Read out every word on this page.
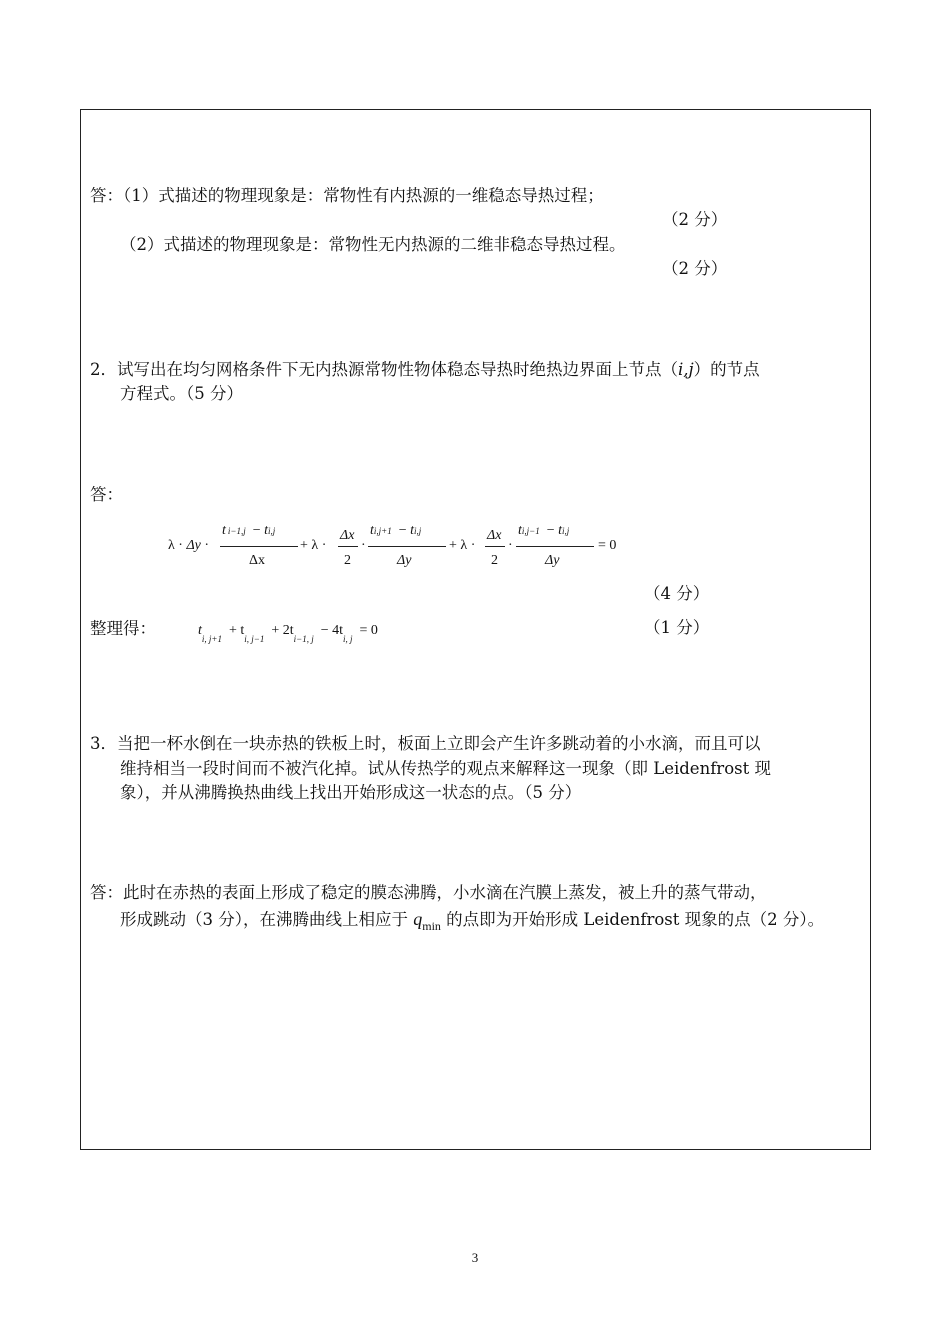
答：（1）式描述的物理现象是：常物性有内热源的一维稳态导热过程；
（2 分）
（2）式描述的物理现象是：常物性无内热源的二维非稳态导热过程。
（2 分）
2．试写出在均匀网格条件下无内热源常物性物体稳态导热时绝热边界面上节点（i,j）的节点
方程式。（5 分）
答：
λ · Δy ·
ti−1,j − ti,j
Δx
+ λ ·
Δx
2
·
ti,j+1 − ti,j
Δy
+ λ ·
Δx
2
·
ti,j−1 − ti,j
Δy
= 0
（4 分）
整理得：	$t_{i, j+1} + t_{i, j-1} + 2t_{i-1, j} - 4t_{i, j} = 0$	（1 分）
3．当把一杯水倒在一块赤热的铁板上时，板面上立即会产生许多跳动着的小水滴，而且可以
维持相当一段时间而不被汽化掉。试从传热学的观点来解释这一现象（即 Leidenfrost 现
象），并从沸腾换热曲线上找出开始形成这一状态的点。（5 分）
答：此时在赤热的表面上形成了稳定的膜态沸腾，小水滴在汽膜上蒸发，被上升的蒸气带动，
形成跳动（3 分），在沸腾曲线上相应于 $q_{min}$ 的点即为开始形成 Leidenfrost 现象的点（2 分）。
3
